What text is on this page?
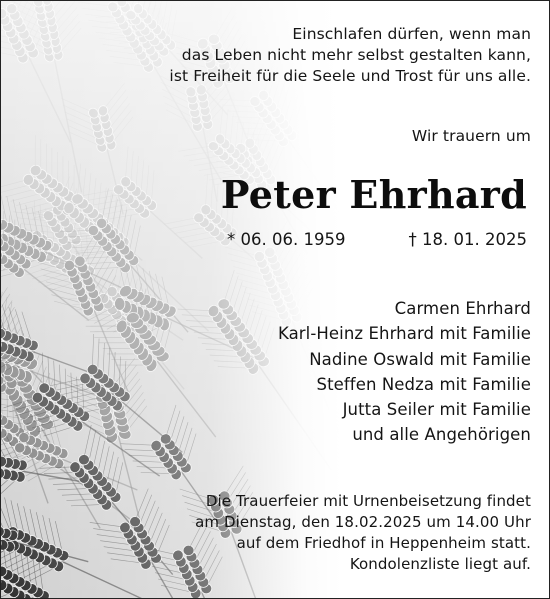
Einschlafen dürfen, wenn man
das Leben nicht mehr selbst gestalten kann,
ist Freiheit für die Seele und Trost für uns alle.
Wir trauern um
Peter Ehrhard
* 06. 06. 1959	† 18. 01. 2025
Carmen Ehrhard
Karl-Heinz Ehrhard mit Familie
Nadine Oswald mit Familie
Steffen Nedza mit Familie
Jutta Seiler mit Familie
und alle Angehörigen
Die Trauerfeier mit Urnenbeisetzung findet
am Dienstag, den 18.02.2025 um 14.00 Uhr
auf dem Friedhof in Heppenheim statt.
Kondolenzliste liegt auf.
